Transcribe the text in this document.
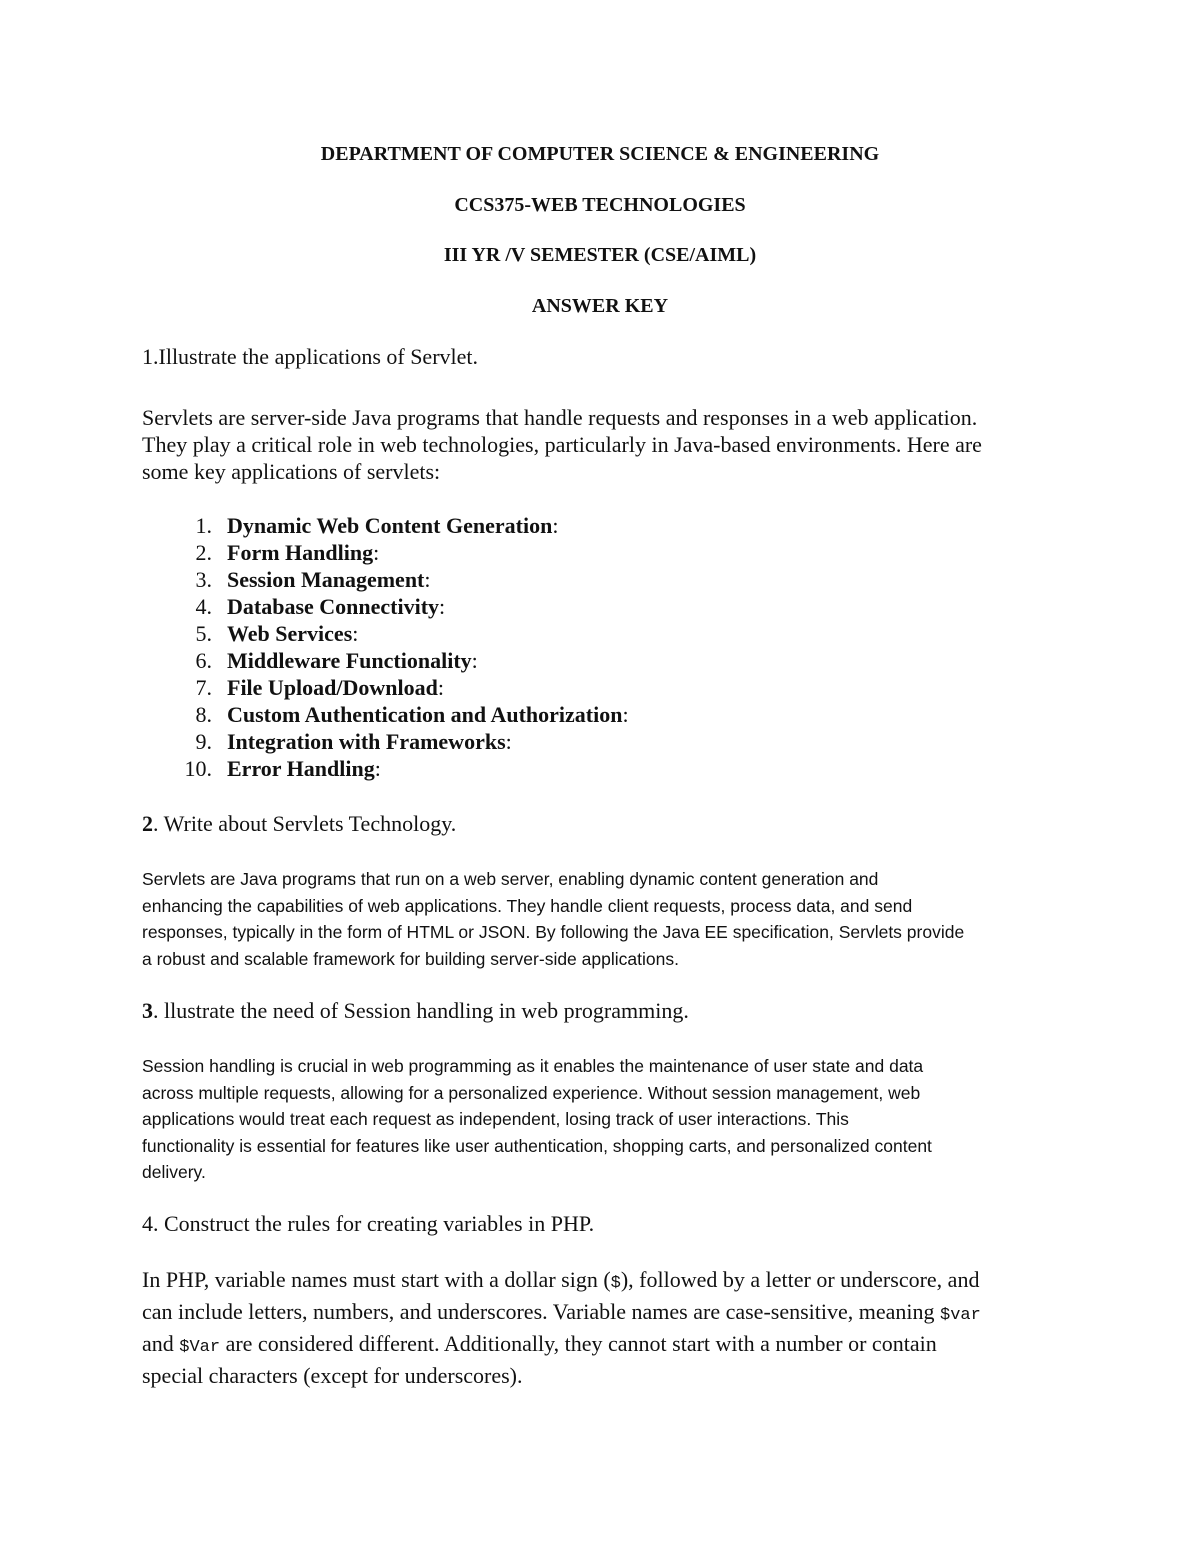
DEPARTMENT OF COMPUTER SCIENCE & ENGINEERING
CCS375-WEB TECHNOLOGIES
III YR /V SEMESTER (CSE/AIML)
ANSWER KEY
1.Illustrate the applications of Servlet.
Servlets are server-side Java programs that handle requests and responses in a web application.
They play a critical role in web technologies, particularly in Java-based environments. Here are
some key applications of servlets:
1. Dynamic Web Content Generation:
2. Form Handling:
3. Session Management:
4. Database Connectivity:
5. Web Services:
6. Middleware Functionality:
7. File Upload/Download:
8. Custom Authentication and Authorization:
9. Integration with Frameworks:
10. Error Handling:
2. Write about Servlets Technology.
Servlets are Java programs that run on a web server, enabling dynamic content generation and
enhancing the capabilities of web applications. They handle client requests, process data, and send
responses, typically in the form of HTML or JSON. By following the Java EE specification, Servlets provide
a robust and scalable framework for building server-side applications.
3. llustrate the need of Session handling in web programming.
Session handling is crucial in web programming as it enables the maintenance of user state and data
across multiple requests, allowing for a personalized experience. Without session management, web
applications would treat each request as independent, losing track of user interactions. This
functionality is essential for features like user authentication, shopping carts, and personalized content
delivery.
4. Construct the rules for creating variables in PHP.
In PHP, variable names must start with a dollar sign ($), followed by a letter or underscore, and
can include letters, numbers, and underscores. Variable names are case-sensitive, meaning $var
and $Var are considered different. Additionally, they cannot start with a number or contain
special characters (except for underscores).
